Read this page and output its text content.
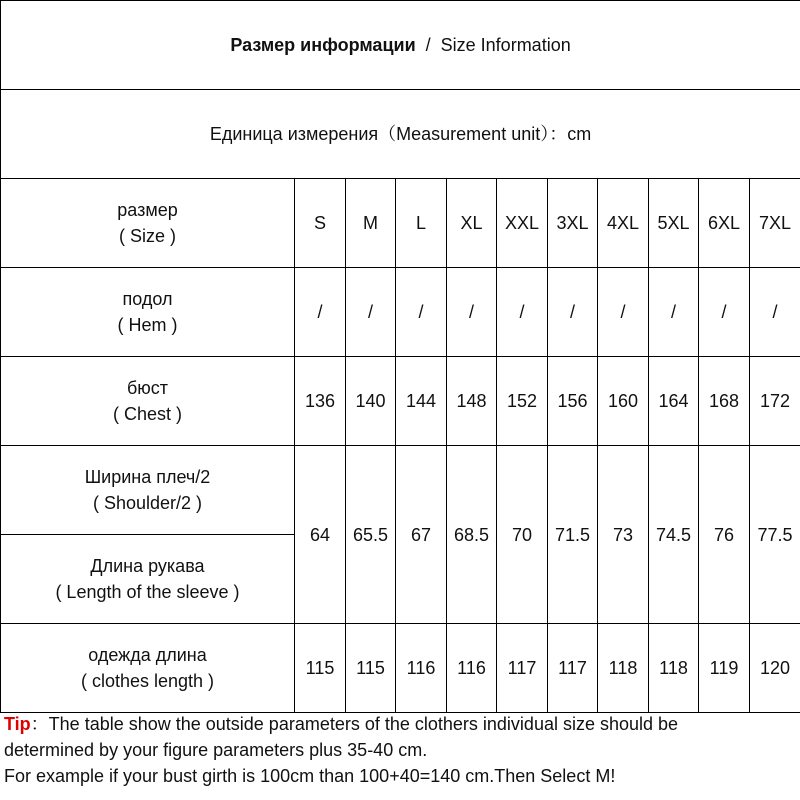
Размер информации / Size Information										
Единица измерения（Measurement unit）：cm										

размер
( Size )	S	M	L	XL	XXL	3XL	4XL	5XL	6XL	7XL

подол
( Hem )	/	/	/	/	/	/	/	/	/	/

бюст
( Chest )	136	140	144	148	152	156	160	164	168	172

Ширина плеч/2
( Shoulder/2 )	64	65.5	67	68.5	70	71.5	73	74.5	76	77.5

Длина рукава
( Length of the sleeve )										

одежда длина
( clothes length )	115	115	116	116	117	117	118	118	119	120
Tip：The table show the outside parameters of the clothers individual size should be
determined by your figure parameters plus 35-40 cm.
For example if your bust girth is 100cm than 100+40=140 cm.Then Select M!
